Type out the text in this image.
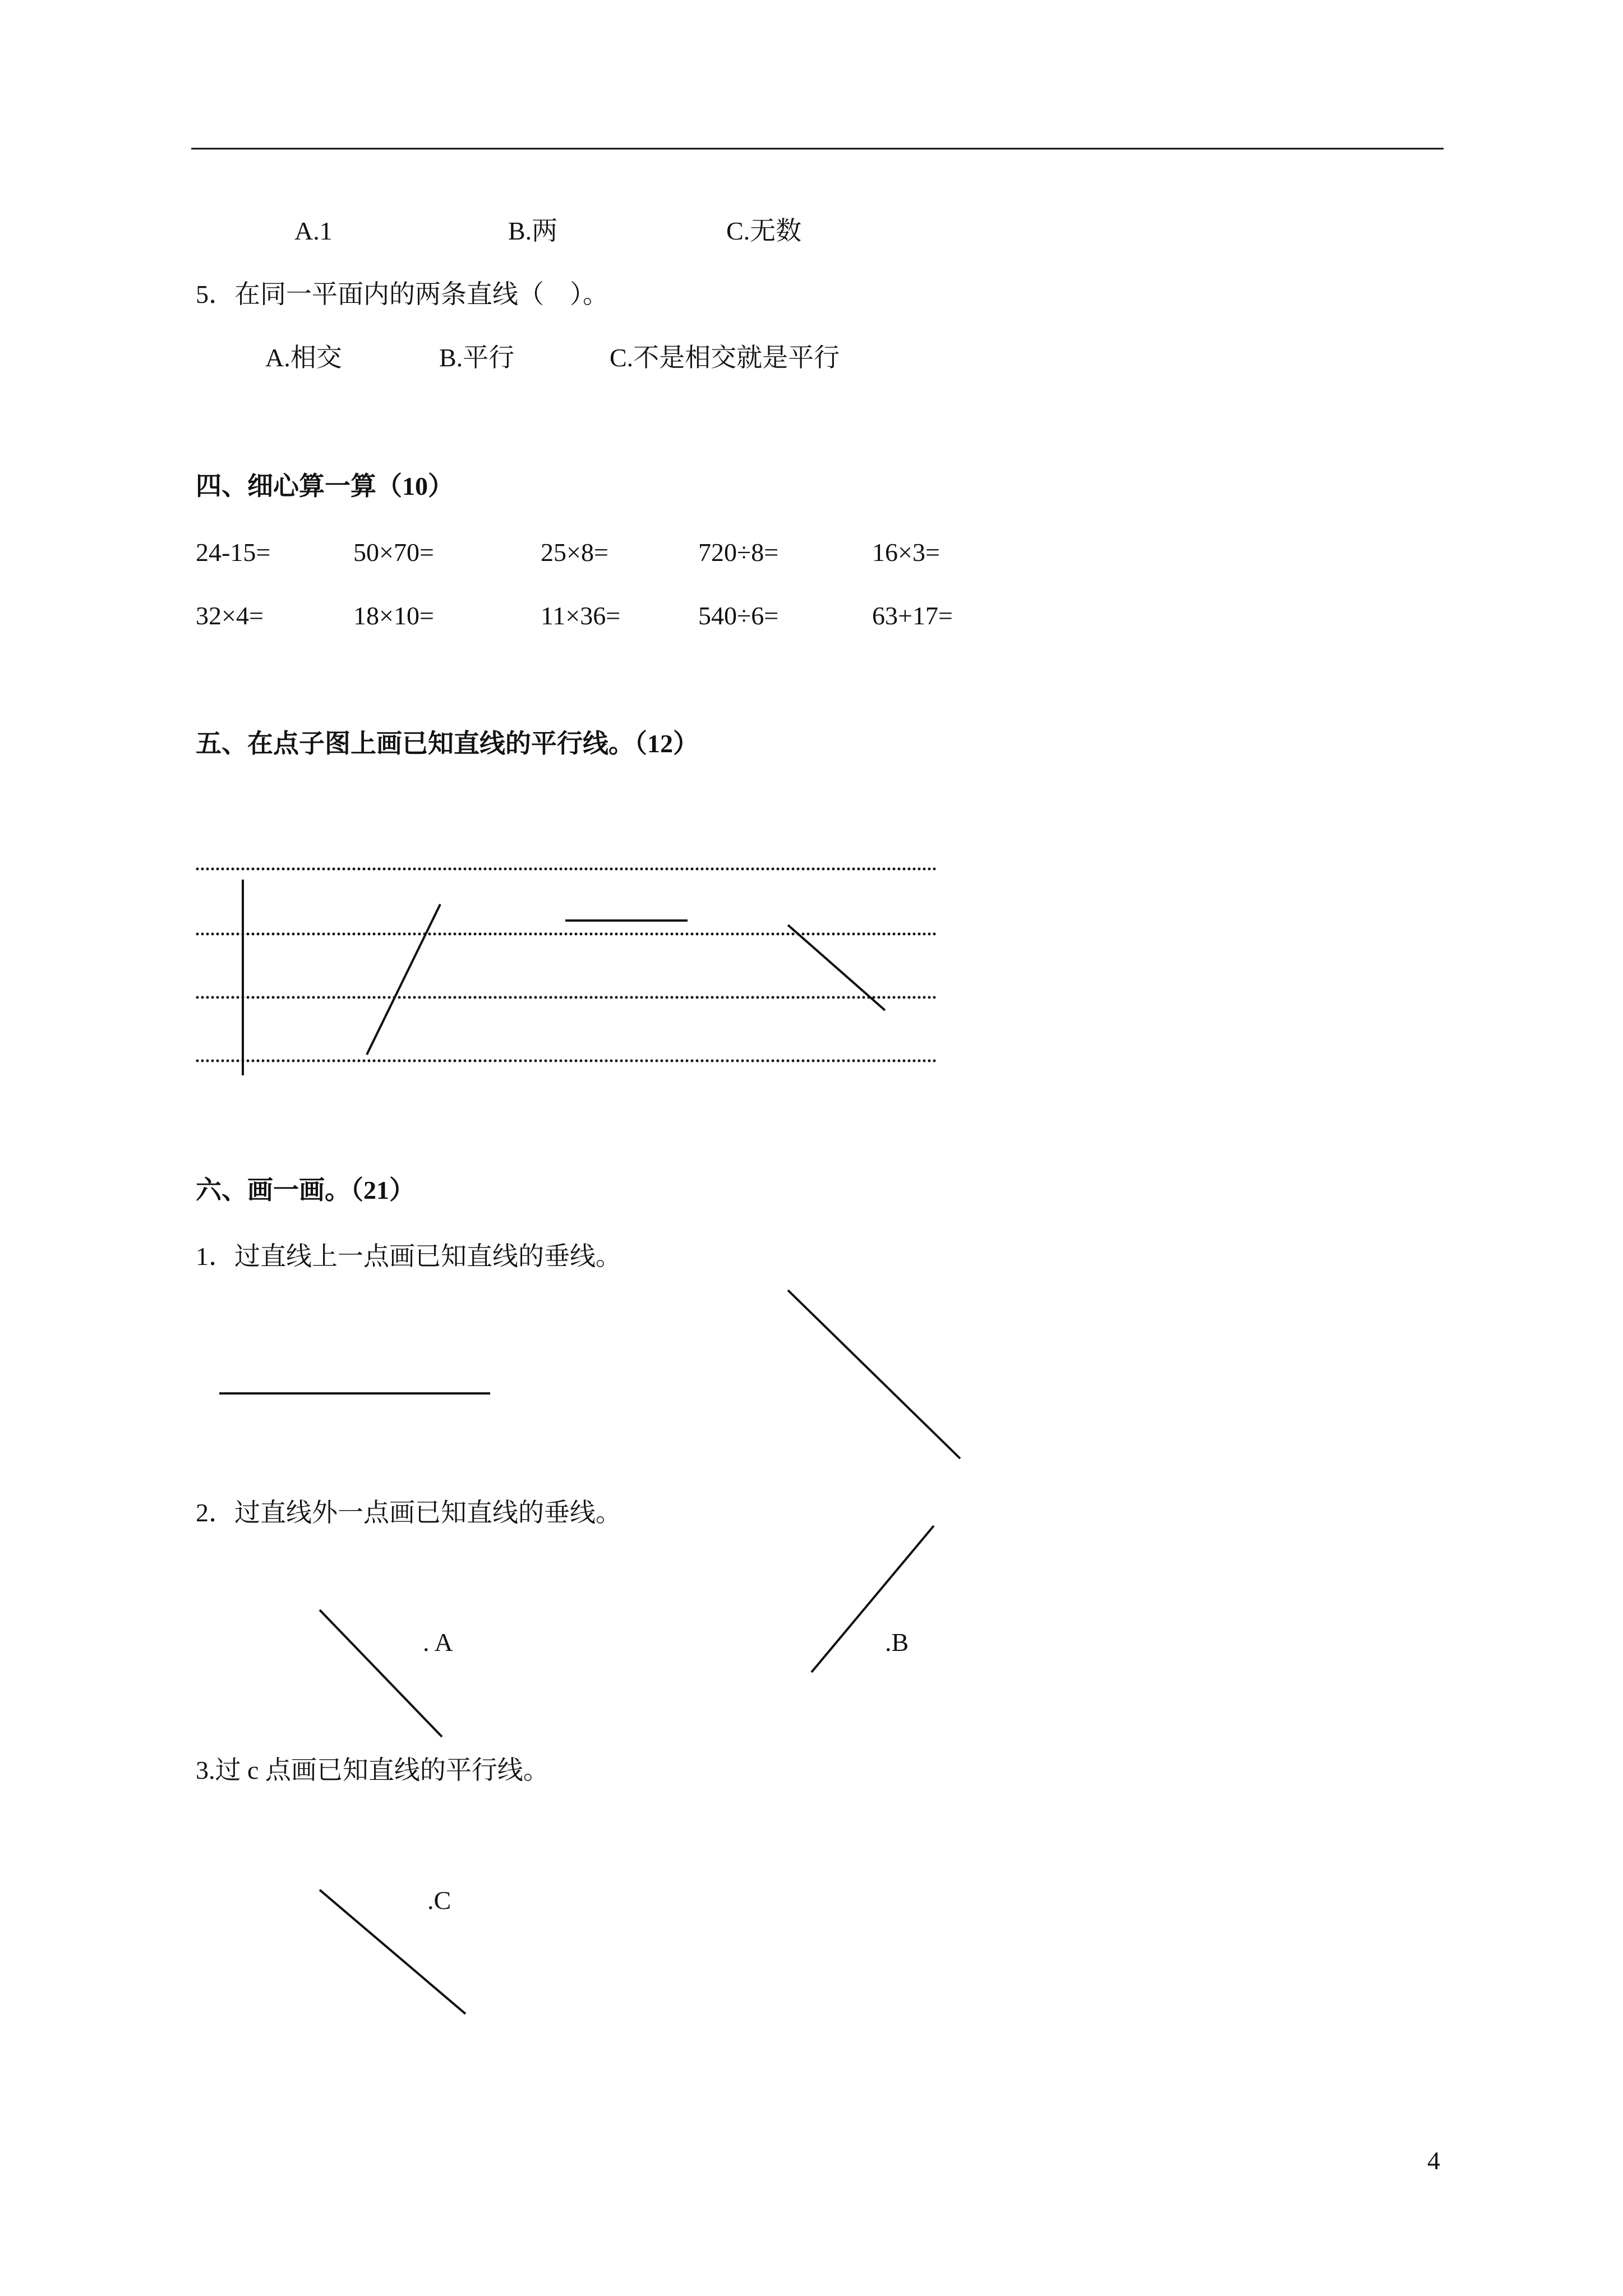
A.1	B.两	C.无数
5．在同一平面内的两条直线（　）。
A.相交	B.平行	C.不是相交就是平行
四、细心算一算（10）
24-15=	50×70=	25×8=	720÷8=	16×3=
32×4=	18×10=	11×36=	540÷6=	63+17=
五、在点子图上画已知直线的平行线。（12）
六、画一画。（21）
1．过直线上一点画已知直线的垂线。
2．过直线外一点画已知直线的垂线。
. A	.B
3.过 c 点画已知直线的平行线。
.C
4
